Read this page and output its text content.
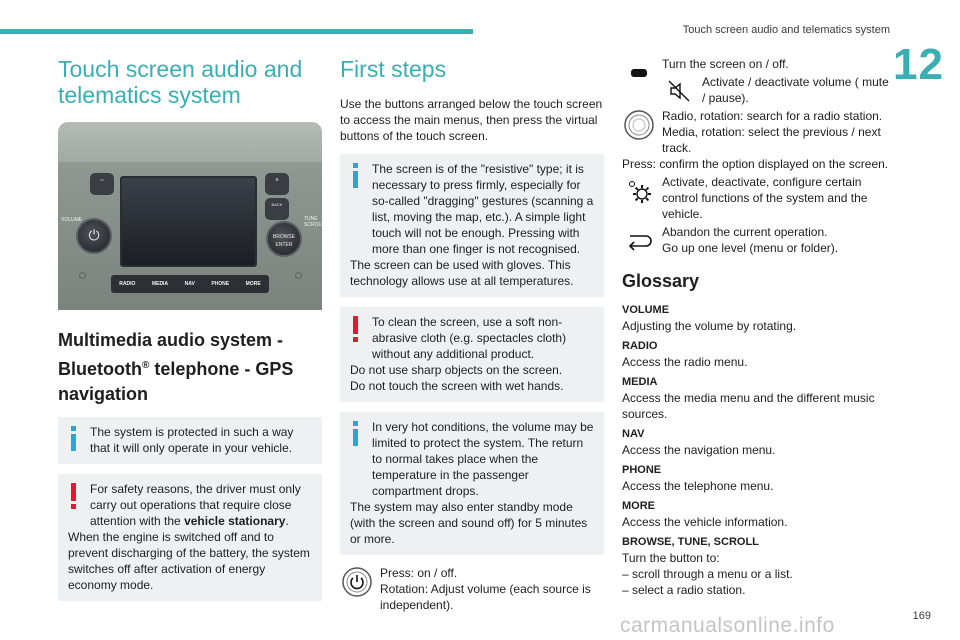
Touch screen audio and telematics system
12
169
carmanualsonline.info
Touch screen audio and telematics system
▭	⚙
BACK
⏻	BROWSE ENTER
VOLUME	TUNE SCROLL
RADIO	MEDIA	NAV	PHONE	MORE
Multimedia audio system - Bluetooth® telephone - GPS navigation

The system is protected in such a way that it will only operate in your vehicle.

For safety reasons, the driver must only carry out operations that require close attention with the vehicle stationary.

When the engine is switched off and to prevent discharging of the battery, the system switches off after activation of energy economy mode.

First steps
Use the buttons arranged below the touch screen to access the main menus, then press the virtual buttons of the touch screen.

The screen is of the "resistive" type; it is necessary to press firmly, especially for so-called "dragging" gestures (scanning a list, moving the map, etc.). A simple light touch will not be enough. Pressing with more than one finger is not recognised.

The screen can be used with gloves. This technology allows use at all temperatures.

To clean the screen, use a soft non-abrasive cloth (e.g. spectacles cloth) without any additional product.

Do not use sharp objects on the screen.

Do not touch the screen with wet hands.

In very hot conditions, the volume may be limited to protect the system. The return to normal takes place when the temperature in the passenger compartment drops.

The system may also enter standby mode (with the screen and sound off) for 5 minutes or more.

Press: on / off.

Rotation: Adjust volume (each source is independent).

Turn the screen on / off.

Activate / deactivate volume ( mute / pause).

Radio, rotation: search for a radio station.

Media, rotation: select the previous / next track.

Press: confirm the option displayed on the screen.

Activate, deactivate, configure certain control functions of the system and the vehicle.

Abandon the current operation.

Go up one level (menu or folder).

Glossary
VOLUME
Adjusting the volume by rotating.
RADIO
Access the radio menu.
MEDIA
Access the media menu and the different music sources.
NAV
Access the navigation menu.
PHONE
Access the telephone menu.
MORE
Access the vehicle information.
BROWSE, TUNE, SCROLL
Turn the button to:
– scroll through a menu or a list.
– select a radio station.
